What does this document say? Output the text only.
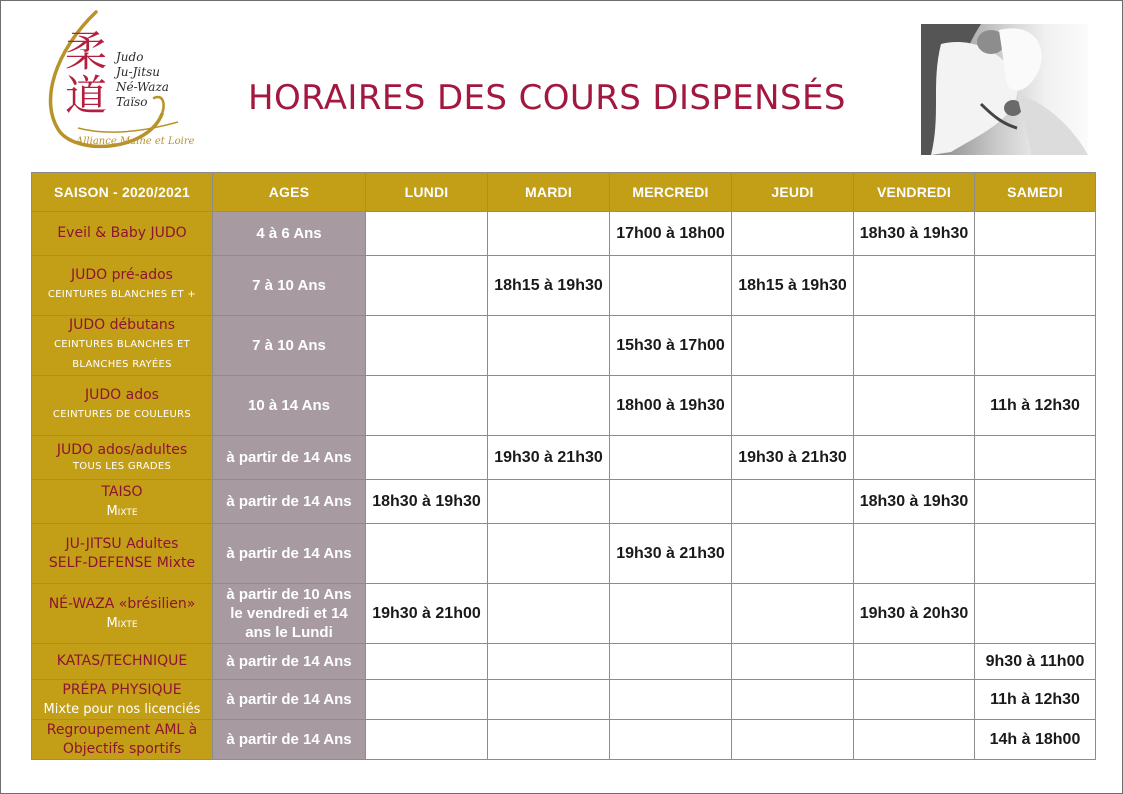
柔
道
Judo
Ju-Jitsu
Né-Waza
Taïso
Alliance Maine et Loire
HORAIRES DES COURS DISPENSÉS
SAISON - 2020/2021	AGES	LUNDI	MARDI	MERCREDI	JEUDI	VENDREDI	SAMEDI
Eveil & Baby JUDO	4 à 6 Ans			17h00 à 18h00		18h30 à 19h30	
JUDO pré-ados
CEINTURES BLANCHES ET +	7 à 10 Ans		18h15 à 19h30		18h15 à 19h30		
JUDO débutans
CEINTURES BLANCHES ET BLANCHES RAYÉES	7 à 10 Ans			15h30 à 17h00			
JUDO ados
CEINTURES DE COULEURS	10 à 14 Ans			18h00 à 19h30			11h à 12h30
JUDO ados/adultes
TOUS LES GRADES	à partir de 14 Ans		19h30 à 21h30		19h30 à 21h30		
TAISO
Mixte	à partir de 14 Ans	18h30 à 19h30				18h30 à 19h30	
JU-JITSU Adultes SELF-DEFENSE Mixte	à partir de 14 Ans			19h30 à 21h30			
NÉ-WAZA «brésilien»
Mixte	à partir de 10 Ans le vendredi et 14 ans le Lundi	19h30 à 21h00				19h30 à 20h30	
KATAS/TECHNIQUE	à partir de 14 Ans						9h30 à 11h00
PRÉPA PHYSIQUE
Mixte pour nos licenciés	à partir de 14 Ans						11h à 12h30
Regroupement AML à Objectifs sportifs	à partir de 14 Ans						14h à 18h00
